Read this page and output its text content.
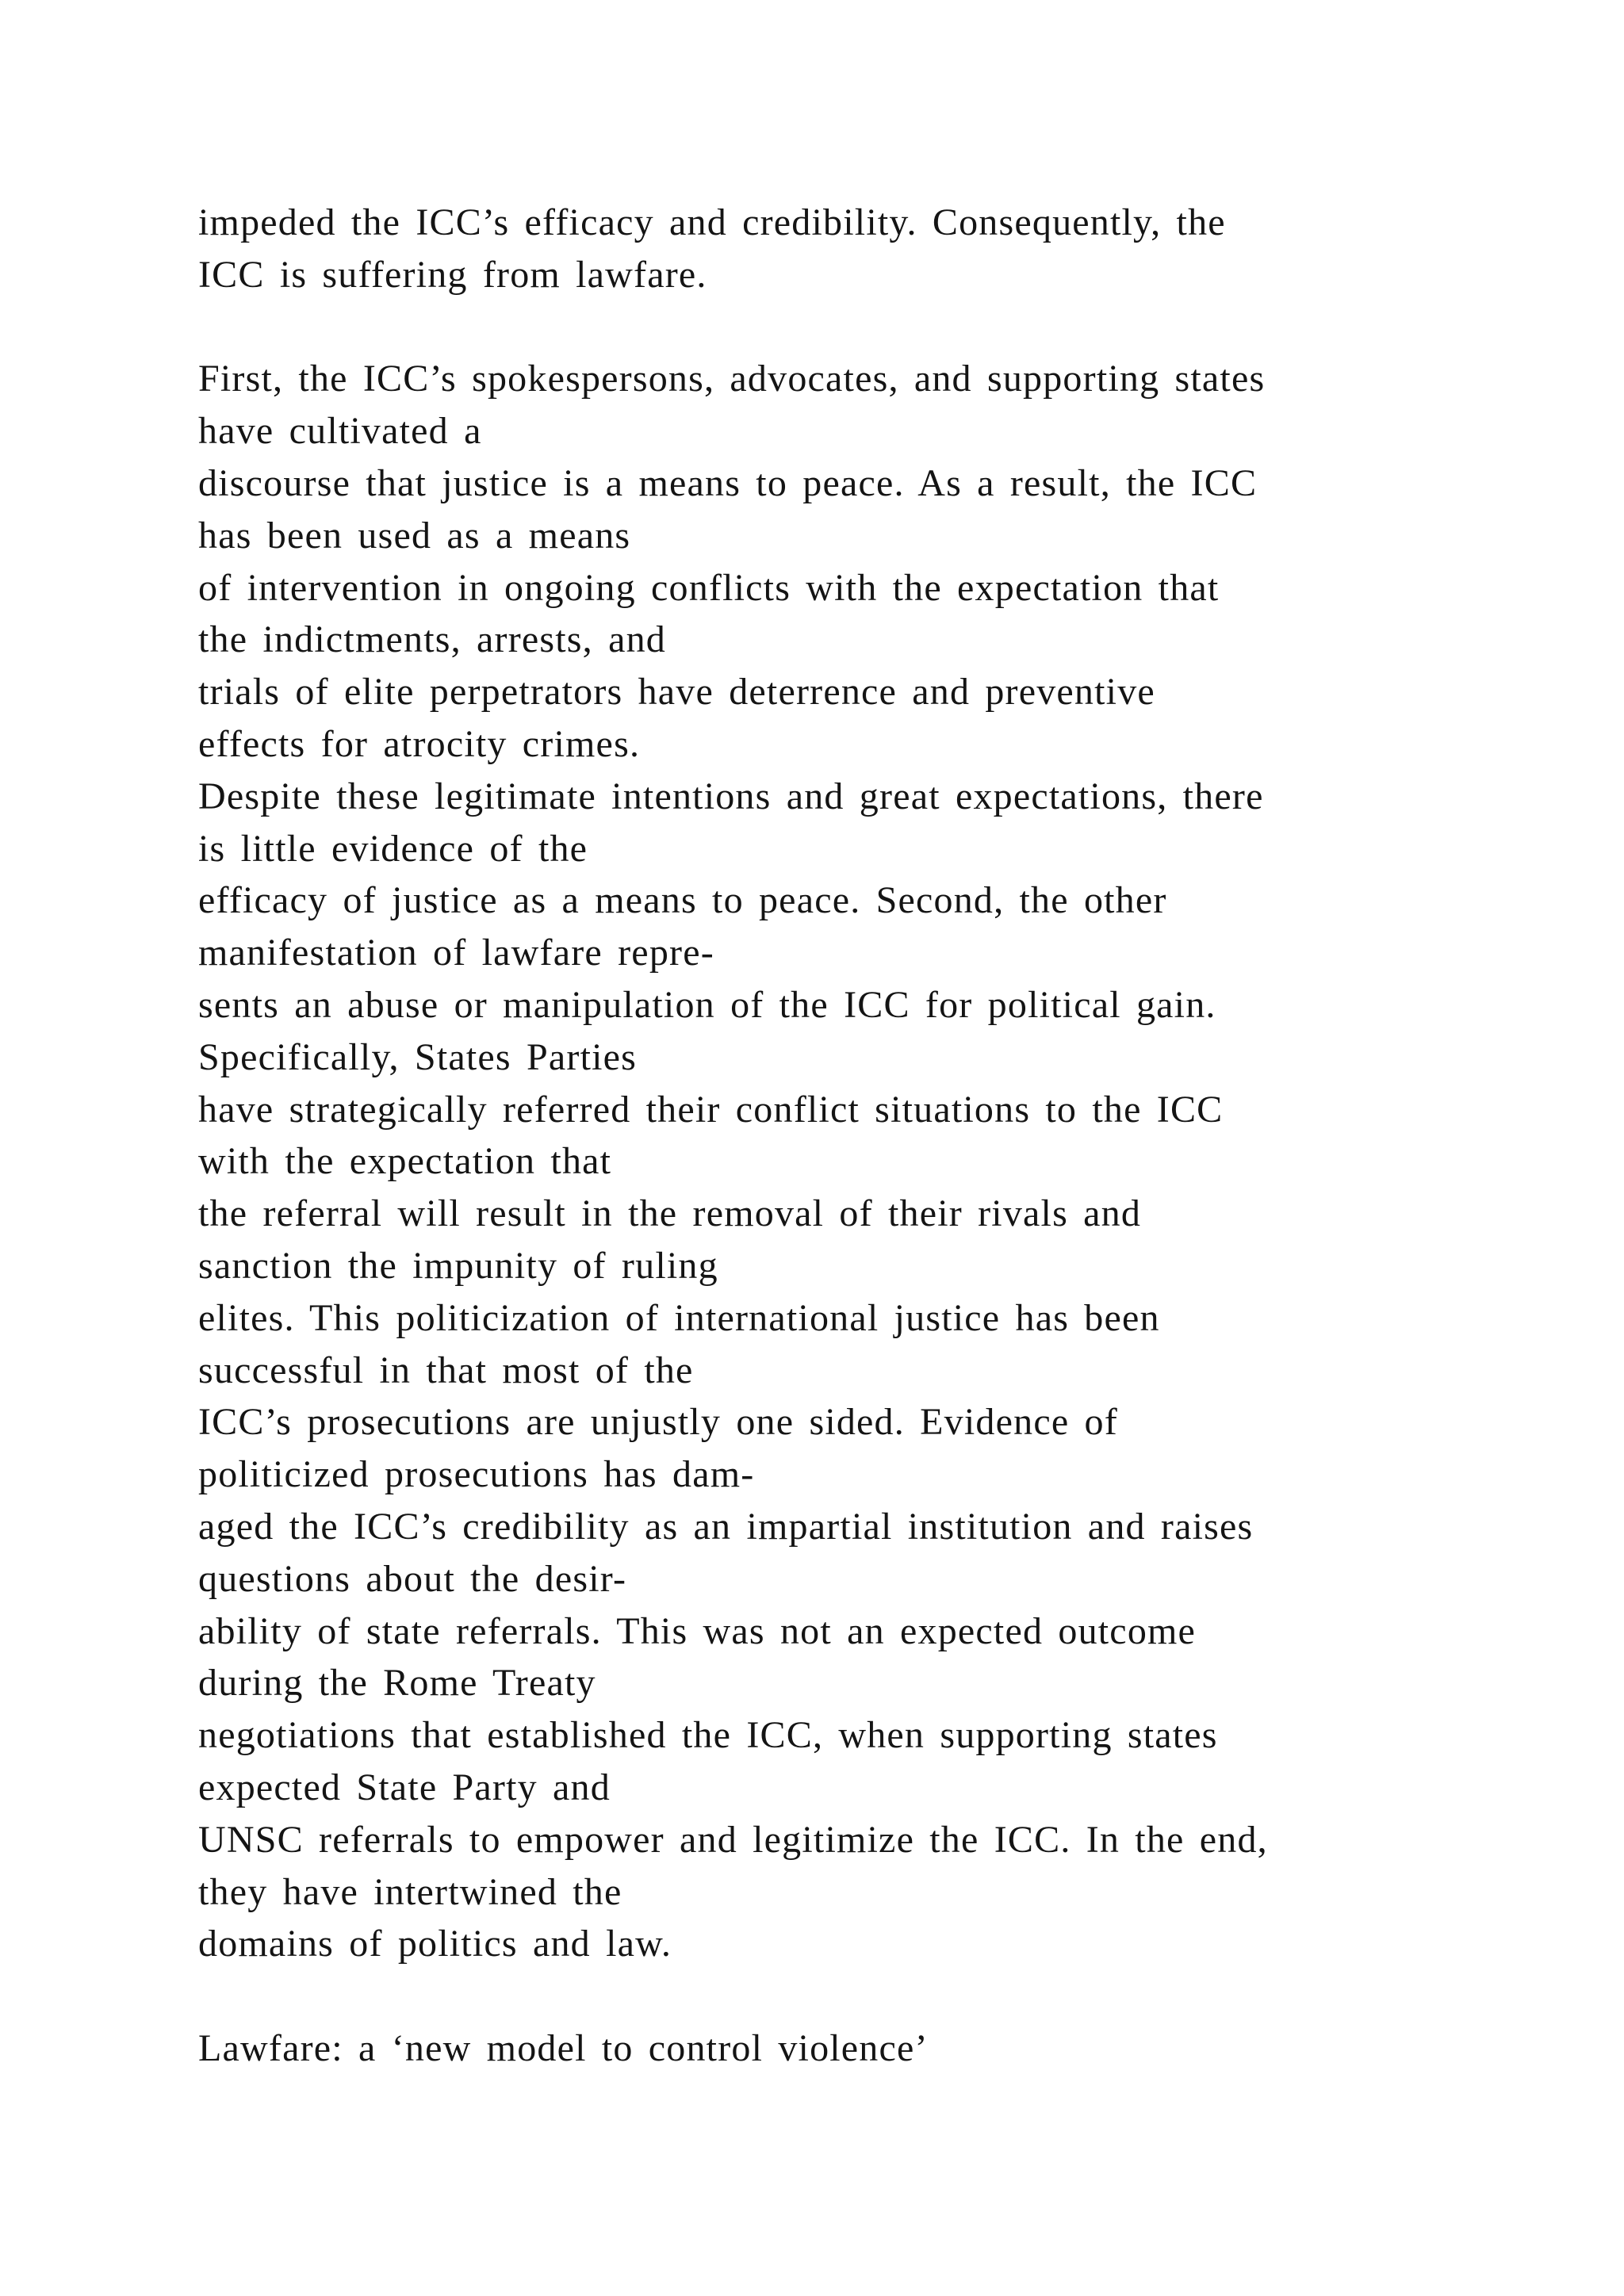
impeded the ICC’s efficacy and credibility. Consequently, the
ICC is suffering from lawfare.
First, the ICC’s spokespersons, advocates, and supporting states
have cultivated a
discourse that justice is a means to peace. As a result, the ICC
has been used as a means
of intervention in ongoing conflicts with the expectation that
the indictments, arrests, and
trials of elite perpetrators have deterrence and preventive
effects for atrocity crimes.
Despite these legitimate intentions and great expectations, there
is little evidence of the
efficacy of justice as a means to peace. Second, the other
manifestation of lawfare repre-
sents an abuse or manipulation of the ICC for political gain.
Specifically, States Parties
have strategically referred their conflict situations to the ICC
with the expectation that
the referral will result in the removal of their rivals and
sanction the impunity of ruling
elites. This politicization of international justice has been
successful in that most of the
ICC’s prosecutions are unjustly one sided. Evidence of
politicized prosecutions has dam-
aged the ICC’s credibility as an impartial institution and raises
questions about the desir-
ability of state referrals. This was not an expected outcome
during the Rome Treaty
negotiations that established the ICC, when supporting states
expected State Party and
UNSC referrals to empower and legitimize the ICC. In the end,
they have intertwined the
domains of politics and law.
Lawfare: a ‘new model to control violence’
